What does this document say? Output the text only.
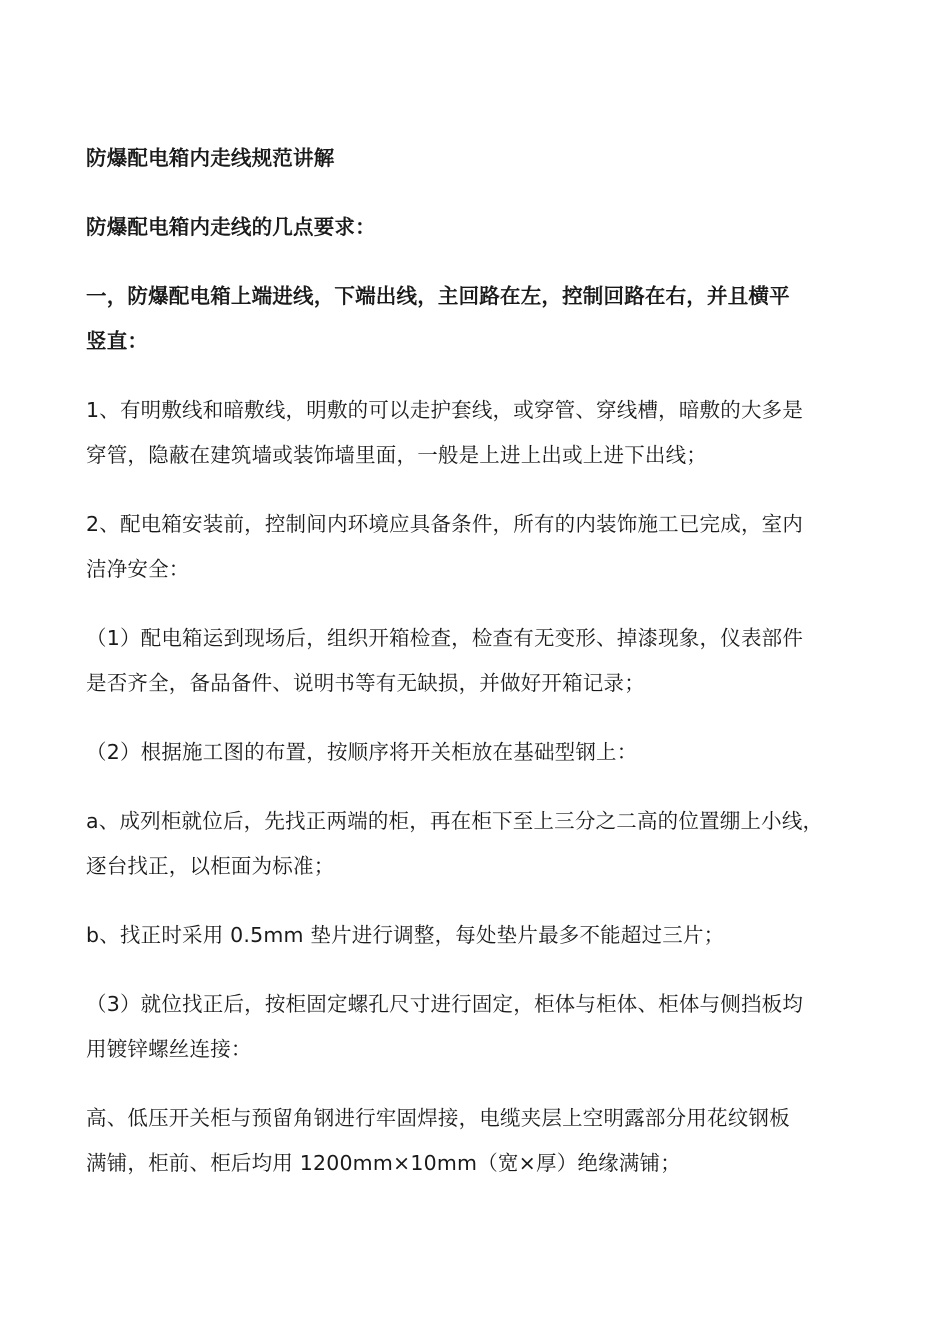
防爆配电箱内走线规范讲解

防爆配电箱内走线的几点要求：

一，防爆配电箱上端进线，下端出线，主回路在左，控制回路在右，并且横平
竖直：

1、有明敷线和暗敷线，明敷的可以走护套线，或穿管、穿线槽，暗敷的大多是
穿管，隐蔽在建筑墙或装饰墙里面，一般是上进上出或上进下出线；

2、配电箱安装前，控制间内环境应具备条件，所有的内装饰施工已完成，室内
洁净安全：

（1）配电箱运到现场后，组织开箱检查，检查有无变形、掉漆现象，仪表部件
是否齐全，备品备件、说明书等有无缺损，并做好开箱记录；

（2）根据施工图的布置，按顺序将开关柜放在基础型钢上：

a、成列柜就位后，先找正两端的柜，再在柜下至上三分之二高的位置绷上小线，
逐台找正，以柜面为标准；

b、找正时采用 0.5mm 垫片进行调整，每处垫片最多不能超过三片；

（3）就位找正后，按柜固定螺孔尺寸进行固定，柜体与柜体、柜体与侧挡板均
用镀锌螺丝连接：

高、低压开关柜与预留角钢进行牢固焊接，电缆夹层上空明露部分用花纹钢板
满铺，柜前、柜后均用 1200mm×10mm（宽×厚）绝缘满铺；
